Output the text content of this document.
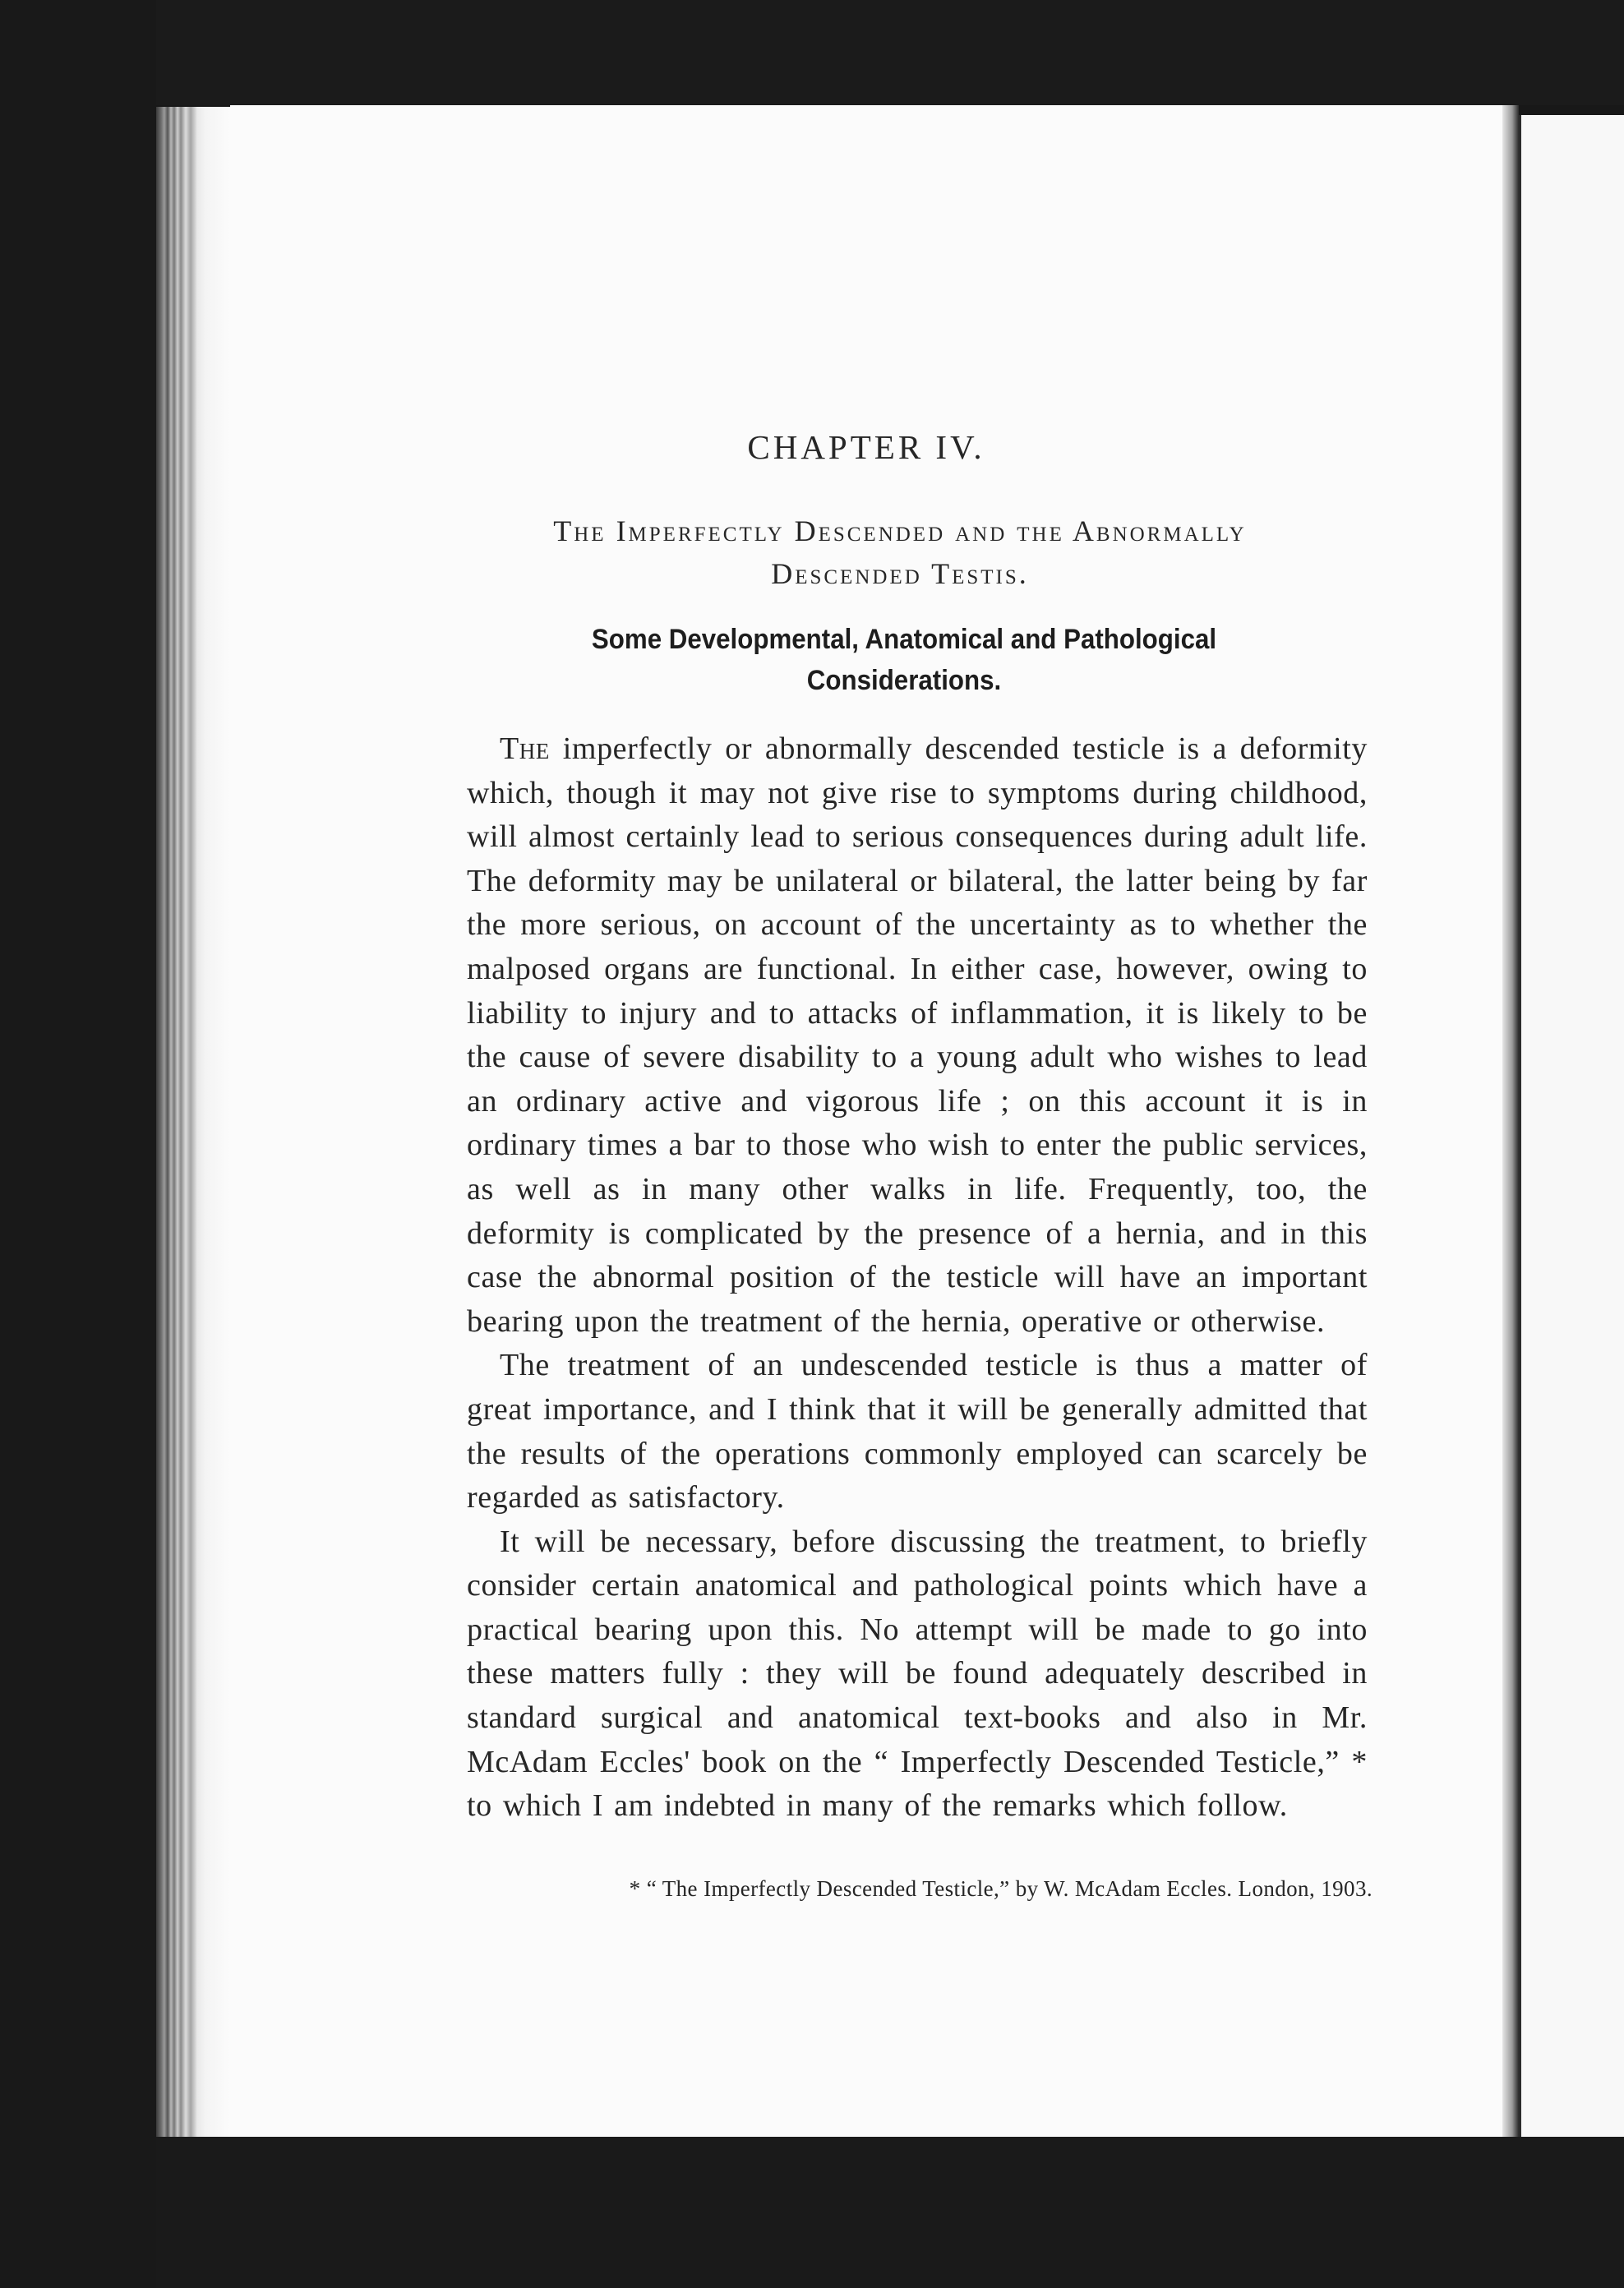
CHAPTER IV.
The Imperfectly Descended and the Abnormally
Descended Testis.
Some Developmental, Anatomical and Pathological
Considerations.

The imperfectly or abnormally descended testicle is a deformity which, though it may not give rise to symptoms during childhood, will almost certainly lead to serious consequences during adult life. The deformity may be unilateral or bilateral, the latter being by far the more serious, on account of the uncertainty as to whether the malposed organs are functional. In either case, however, owing to liability to injury and to attacks of inflammation, it is likely to be the cause of severe disability to a young adult who wishes to lead an ordinary active and vigorous life ; on this account it is in ordinary times a bar to those who wish to enter the public services, as well as in many other walks in life. Frequently, too, the deformity is complicated by the presence of a hernia, and in this case the abnormal position of the testicle will have an important bearing upon the treatment of the hernia, operative or otherwise.

The treatment of an undescended testicle is thus a matter of great importance, and I think that it will be generally admitted that the results of the operations commonly employed can scarcely be regarded as satisfactory.

It will be necessary, before discussing the treatment, to briefly consider certain anatomical and pathological points which have a practical bearing upon this. No attempt will be made to go into these matters fully : they will be found adequately described in standard surgical and anatomical text-books and also in Mr. McAdam Eccles' book on the “ Imperfectly Descended Testicle,” * to which I am indebted in many of the remarks which follow.

* “ The Imperfectly Descended Testicle,” by W. McAdam Eccles. London, 1903.
